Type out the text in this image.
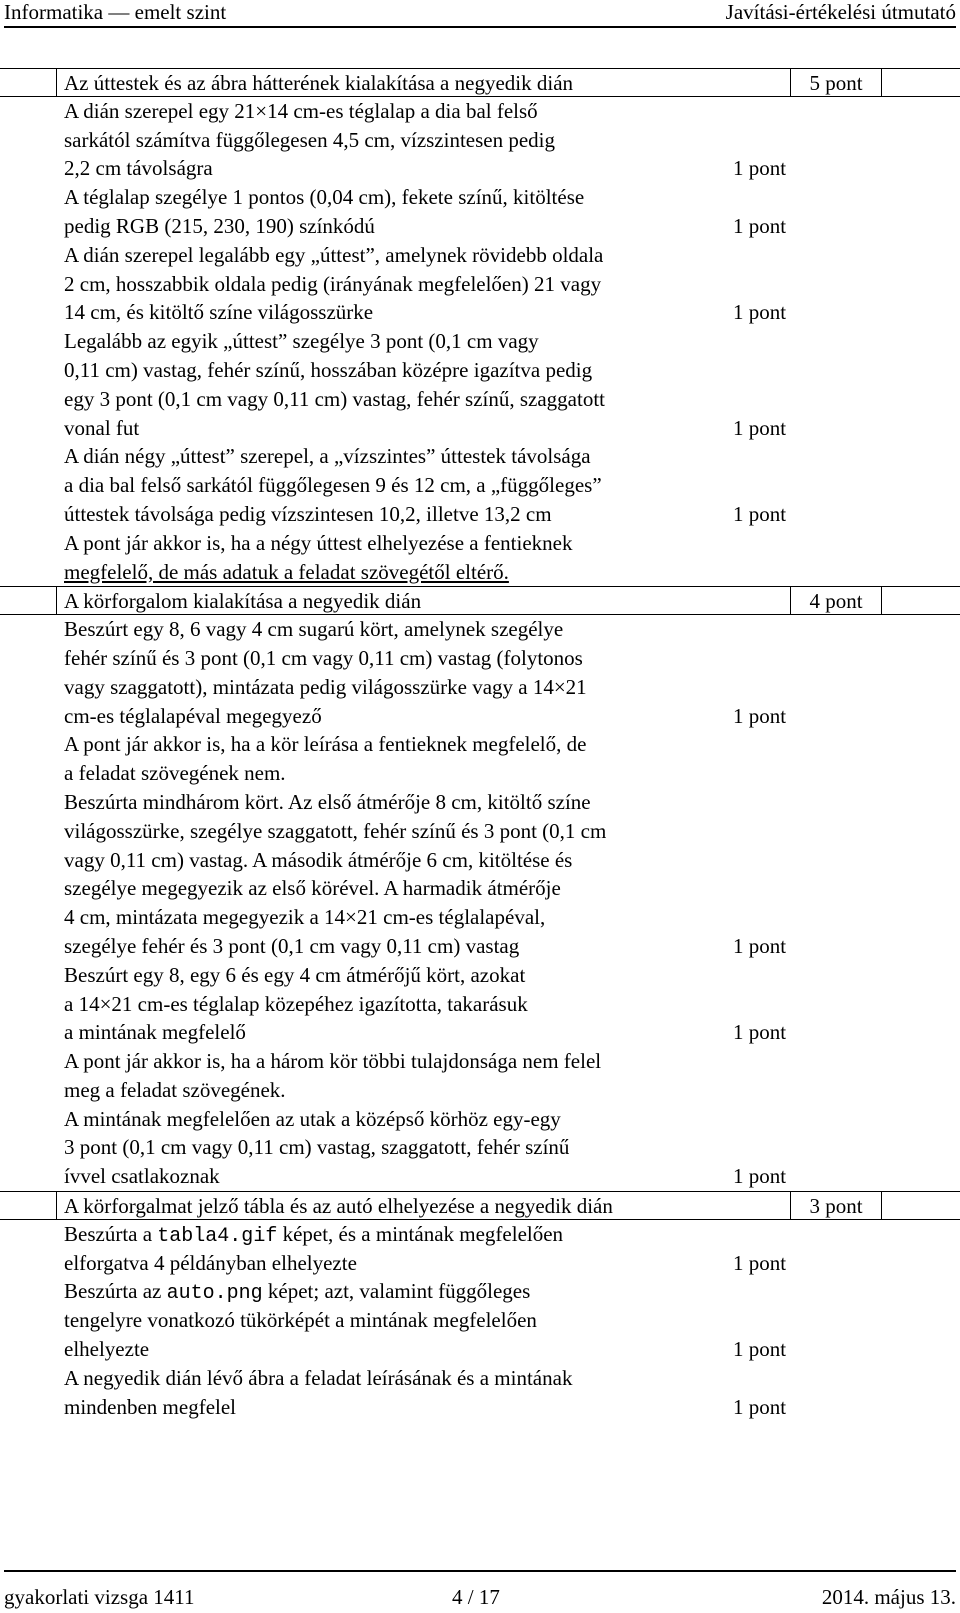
Informatika — emelt szint	Javítási-értékelési útmutató
Az úttestek és az ábra hátterének kialakítása a negyedik dián	5 pont
A dián szerepel egy 21×14 cm-es téglalap a dia bal felső
sarkától számítva függőlegesen 4,5 cm, vízszintesen pedig
2,2 cm távolságra	1 pont
A téglalap szegélye 1 pontos (0,04 cm), fekete színű, kitöltése
pedig RGB (215, 230, 190) színkódú	1 pont
A dián szerepel legalább egy „úttest”, amelynek rövidebb oldala
2 cm, hosszabbik oldala pedig (irányának megfelelően) 21 vagy
14 cm, és kitöltő színe világosszürke	1 pont
Legalább az egyik „úttest” szegélye 3 pont (0,1 cm vagy
0,11 cm) vastag, fehér színű, hosszában középre igazítva pedig
egy 3 pont (0,1 cm vagy 0,11 cm) vastag, fehér színű, szaggatott
vonal fut	1 pont
A dián négy „úttest” szerepel, a „vízszintes” úttestek távolsága
a dia bal felső sarkától függőlegesen 9 és 12 cm, a „függőleges”
úttestek távolsága pedig vízszintesen 10,2, illetve 13,2 cm	1 pont
A pont jár akkor is, ha a négy úttest elhelyezése a fentieknek
megfelelő, de más adatuk a feladat szövegétől eltérő.
A körforgalom kialakítása a negyedik dián	4 pont
Beszúrt egy 8, 6 vagy 4 cm sugarú kört, amelynek szegélye
fehér színű és 3 pont (0,1 cm vagy 0,11 cm) vastag (folytonos
vagy szaggatott), mintázata pedig világosszürke vagy a 14×21
cm-es téglalapéval megegyező	1 pont
A pont jár akkor is, ha a kör leírása a fentieknek megfelelő, de
a feladat szövegének nem.
Beszúrta mindhárom kört. Az első átmérője 8 cm, kitöltő színe
világosszürke, szegélye szaggatott, fehér színű és 3 pont (0,1 cm
vagy 0,11 cm) vastag. A második átmérője 6 cm, kitöltése és
szegélye megegyezik az első körével. A harmadik átmérője
4 cm, mintázata megegyezik a 14×21 cm-es téglalapéval,
szegélye fehér és 3 pont (0,1 cm vagy 0,11 cm) vastag	1 pont
Beszúrt egy 8, egy 6 és egy 4 cm átmérőjű kört, azokat
a 14×21 cm-es téglalap közepéhez igazította, takarásuk
a mintának megfelelő	1 pont
A pont jár akkor is, ha a három kör többi tulajdonsága nem felel
meg a feladat szövegének.
A mintának megfelelően az utak a középső körhöz egy-egy
3 pont (0,1 cm vagy 0,11 cm) vastag, szaggatott, fehér színű
ívvel csatlakoznak	1 pont
A körforgalmat jelző tábla és az autó elhelyezése a negyedik dián	3 pont
Beszúrta a tabla4.gif képet, és a mintának megfelelően
elforgatva 4 példányban elhelyezte	1 pont
Beszúrta az auto.png képet; azt, valamint függőleges
tengelyre vonatkozó tükörképét a mintának megfelelően
elhelyezte	1 pont
A negyedik dián lévő ábra a feladat leírásának és a mintának
mindenben megfelel	1 pont
gyakorlati vizsga 1411	4 / 17	2014. május 13.
